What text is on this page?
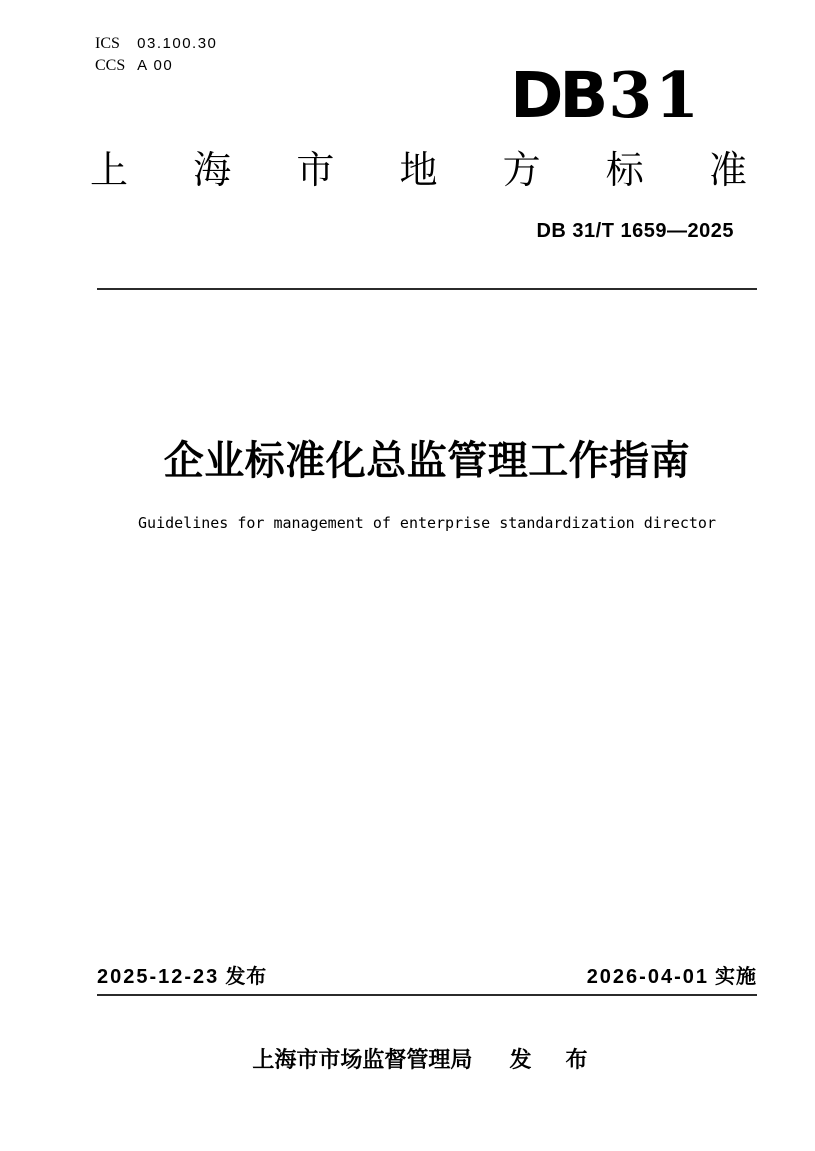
ICS 03.100.30
CCS A 00	DB31
上 海 市 地 方 标 准
DB 31/T 1659—2025
企业标准化总监管理工作指南
Guidelines for management of enterprise standardization director
2025-12-23 发布	2026-04-01 实施
上海市市场监督管理局 发 布
